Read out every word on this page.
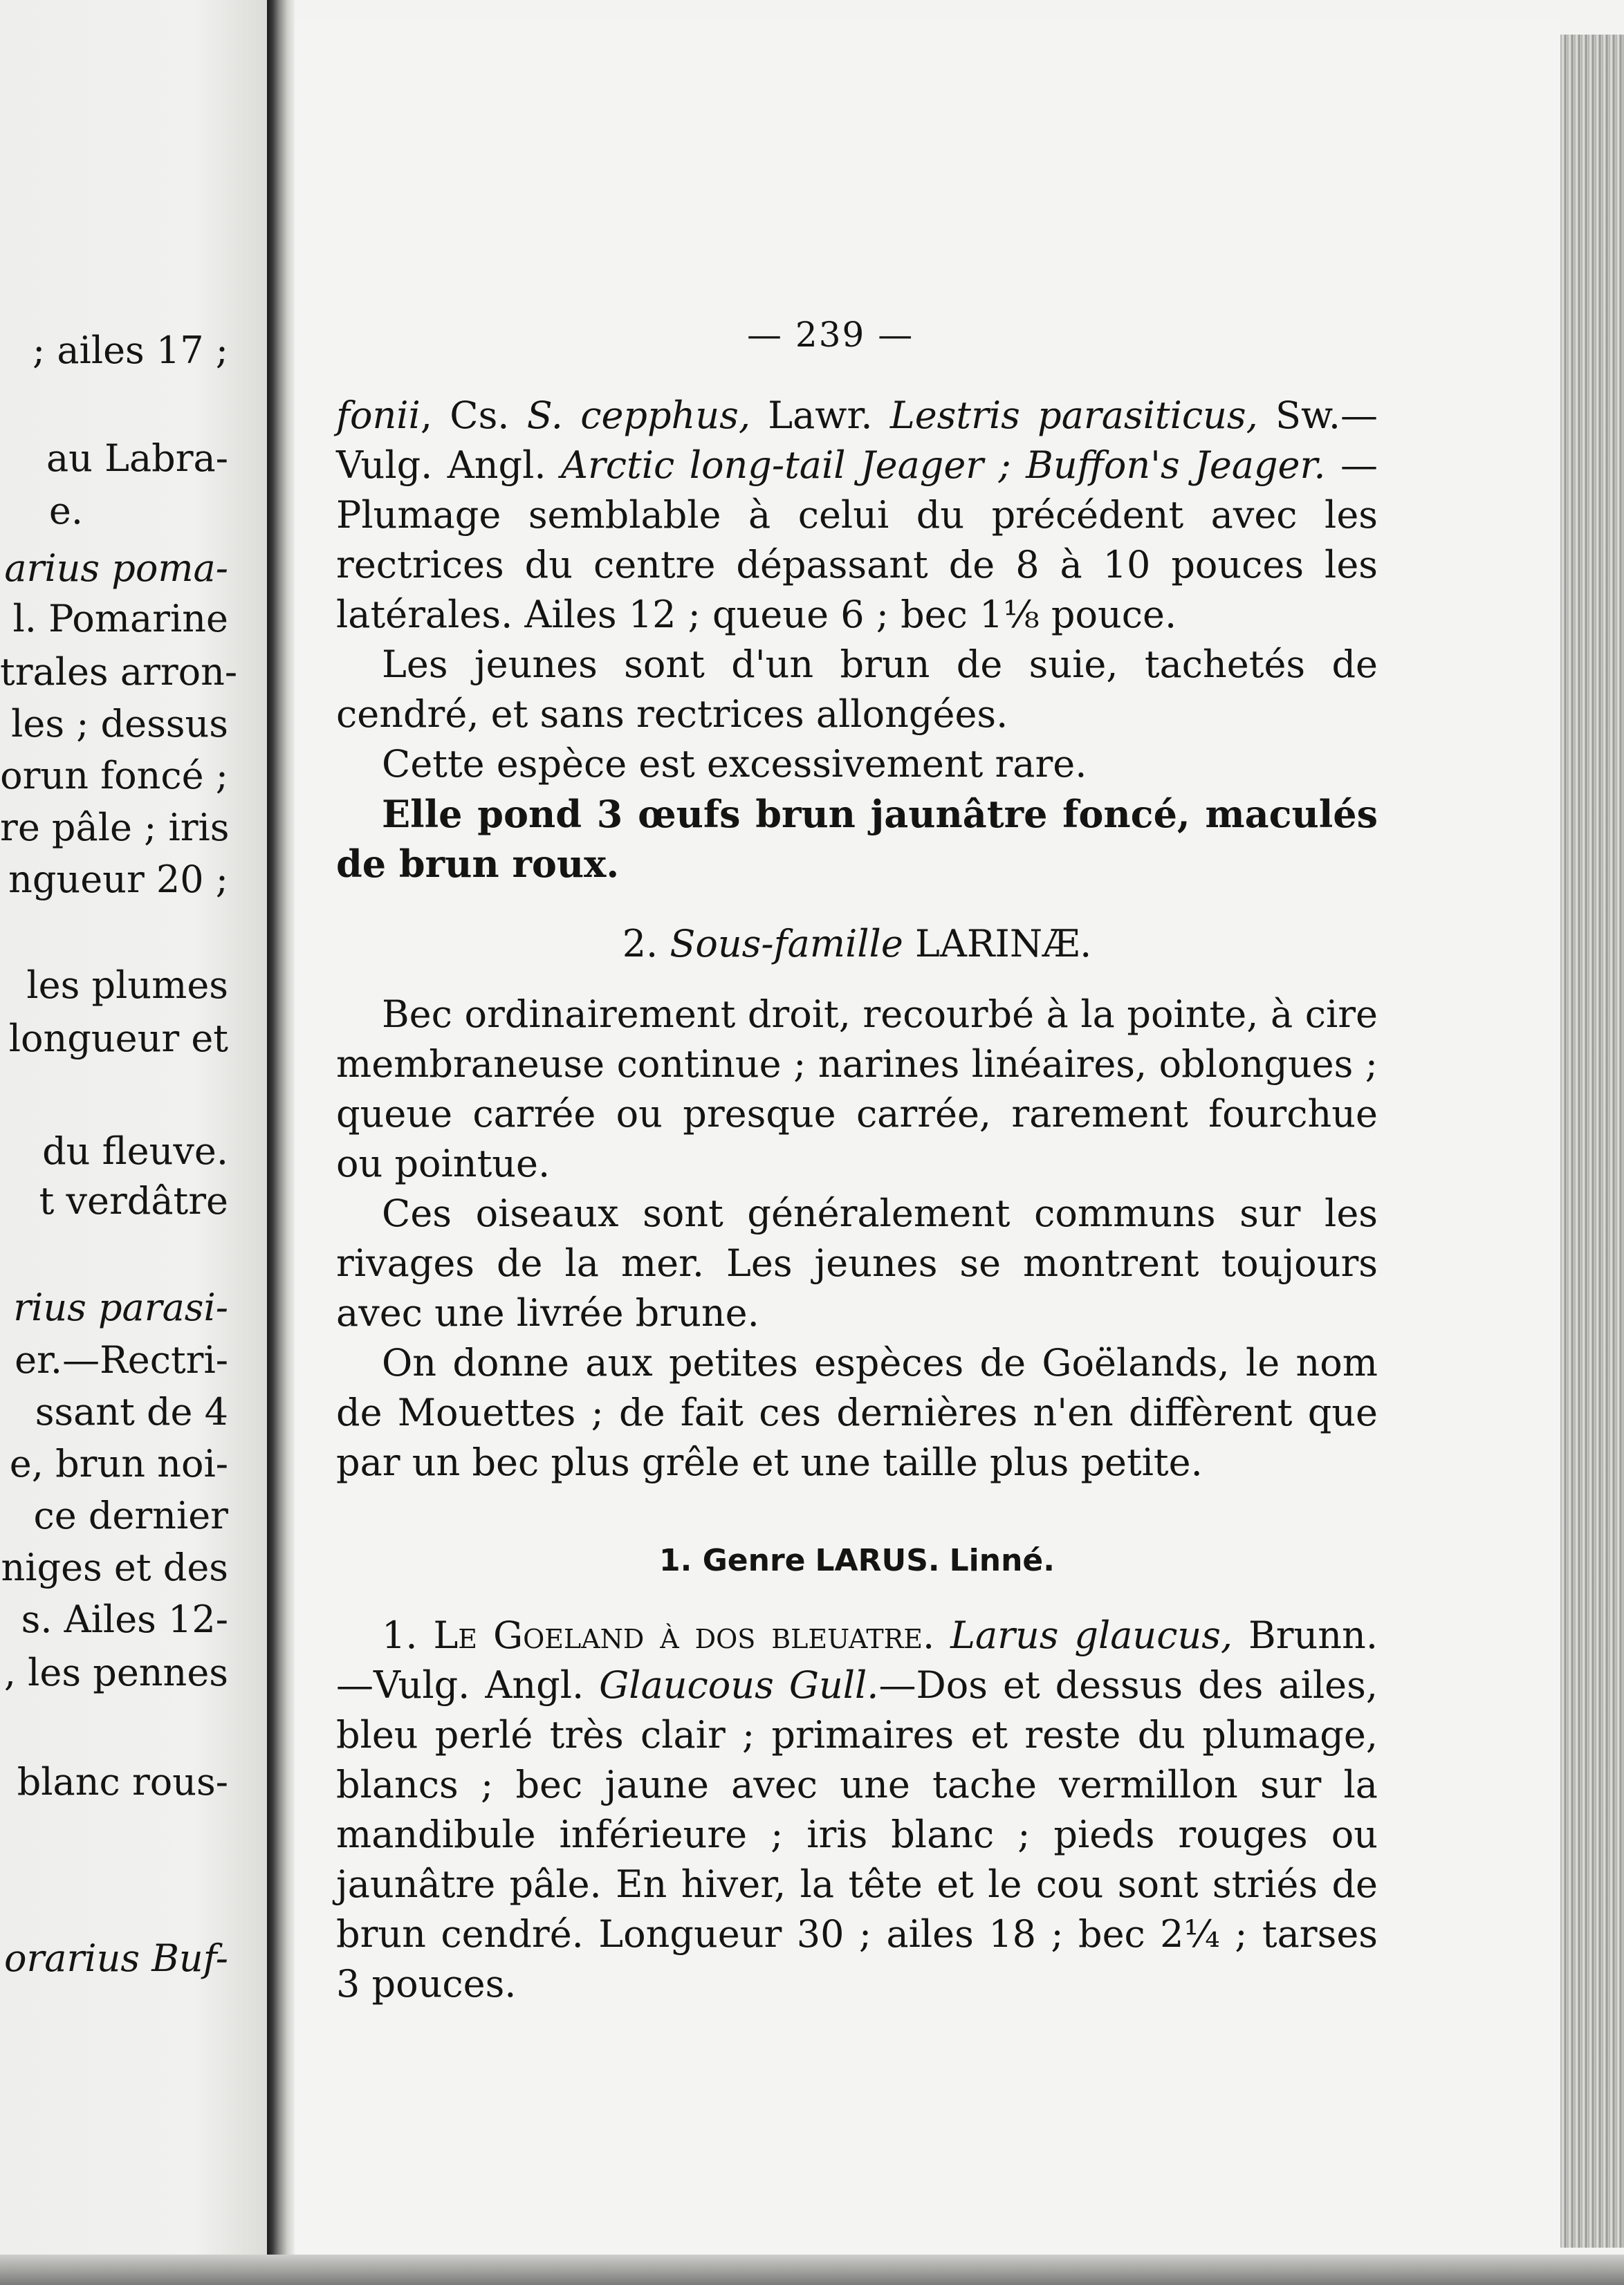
; ailes 17 ;
au Labra-
e.
arius poma-
l. Pomarine
trales arron-
les ; dessus
orun foncé ;
re pâle ; iris
ngueur 20 ;
les plumes
longueur et
du fleuve.
t verdâtre
rius parasi-
er.—Rectri-
ssant de 4
e, brun noi-
ce dernier
niges et des
s. Ailes 12-
, les pennes
blanc rous-
orarius Buf-
— 239 —

fonii, Cs. S. cepphus, Lawr. Lestris parasiticus, Sw.—Vulg. Angl. Arctic long-tail Jeager ; Buffon's Jeager. —Plumage semblable à celui du précédent avec les rectrices du centre dépassant de 8 à 10 pouces les latérales. Ailes 12 ; queue 6 ; bec 1⅛ pouce.

Les jeunes sont d'un brun de suie, tachetés de cendré, et sans rectrices allongées.

Cette espèce est excessivement rare.

Elle pond 3 œufs brun jaunâtre foncé, maculés de brun roux.

2. Sous-famille LARINÆ.

Bec ordinairement droit, recourbé à la pointe, à cire membraneuse continue ; narines linéaires, oblongues ; queue carrée ou presque carrée, rarement fourchue ou pointue.

Ces oiseaux sont généralement communs sur les rivages de la mer. Les jeunes se montrent toujours avec une livrée brune.

On donne aux petites espèces de Goëlands, le nom de Mouettes ; de fait ces dernières n'en diffèrent que par un bec plus grêle et une taille plus petite.

1. Genre LARUS. Linné.

1. Le Goeland à dos bleuatre. Larus glaucus, Brunn.—Vulg. Angl. Glaucous Gull.—Dos et dessus des ailes, bleu perlé très clair ; primaires et reste du plumage, blancs ; bec jaune avec une tache vermillon sur la mandibule inférieure ; iris blanc ; pieds rouges ou jaunâtre pâle. En hiver, la tête et le cou sont striés de brun cendré. Longueur 30 ; ailes 18 ; bec 2¼ ; tarses 3 pouces.
